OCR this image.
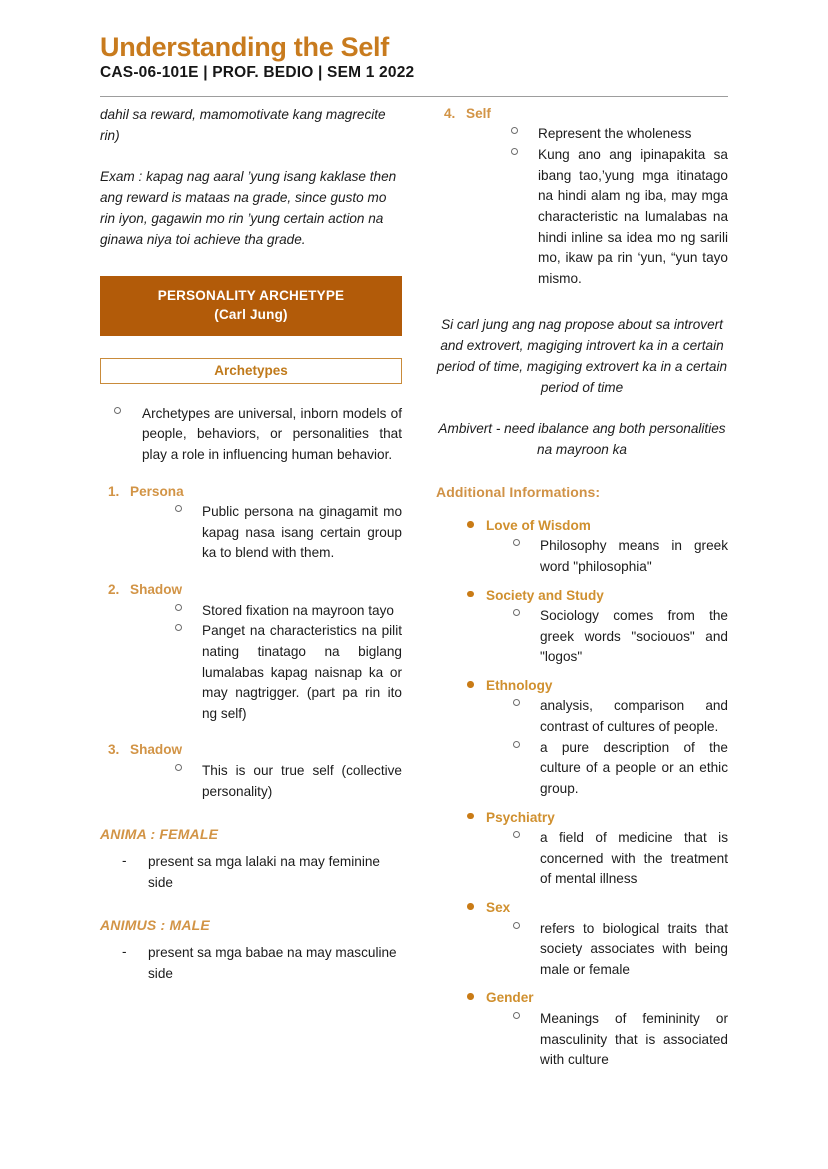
Understanding the Self
CAS-06-101E | PROF. BEDIO | SEM 1 2022
dahil sa reward, mamomotivate kang magrecite rin)
Exam : kapag nag aaral ’yung isang kaklase then ang reward is mataas na grade, since gusto mo rin iyon, gagawin mo rin ’yung certain action na ginawa niya toi achieve tha grade.
PERSONALITY ARCHETYPE
(Carl Jung)
Archetypes
Archetypes are universal, inborn models of people, behaviors, or personalities that play a role in influencing human behavior.
1. Persona
Public persona na ginagamit mo kapag nasa isang certain group ka to blend with them.
2. Shadow
Stored fixation na mayroon tayo
Panget na characteristics na pilit nating tinatago na biglang lumalabas kapag naisnap ka or may nagtrigger. (part pa rin ito ng self)
3. Shadow
This is our true self (collective personality)
ANIMA : FEMALE
- present sa mga lalaki na may feminine side
ANIMUS : MALE
- present sa mga babae na may masculine side
4. Self
Represent the wholeness
Kung ano ang ipinapakita sa ibang tao,’yung mga itinatago na hindi alam ng iba, may mga characteristic na lumalabas na hindi inline sa idea mo ng sarili mo, ikaw pa rin ‘yun, “yun tayo mismo.
Si carl jung ang nag propose about sa introvert and extrovert, magiging introvert ka in a certain period of time, magiging extrovert ka in a certain period of time
Ambivert - need ibalance ang both personalities na mayroon ka
Additional Informations:
Love of Wisdom
Philosophy means in greek word "philosophia"
Society and Study
Sociology comes from the greek words "sociouos" and "logos"
Ethnology
analysis, comparison and contrast of cultures of people.
a pure description of the culture of a people or an ethic group.
Psychiatry
a field of medicine that is concerned with the treatment of mental illness
Sex
refers to biological traits that society associates with being male or female
Gender
Meanings of femininity or masculinity that is associated with culture
